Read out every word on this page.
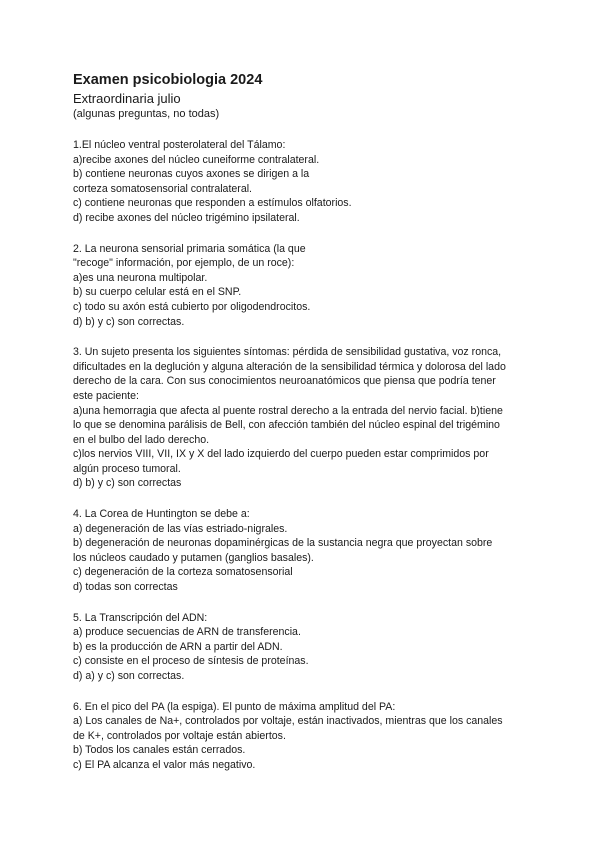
Examen psicobiologia 2024
Extraordinaria julio
(algunas preguntas, no todas)
1.El núcleo ventral posterolateral del Tálamo:
a)recibe axones del núcleo cuneiforme contralateral.
b) contiene neuronas cuyos axones se dirigen a la
corteza somatosensorial contralateral.
c) contiene neuronas que responden a estímulos olfatorios.
d) recibe axones del núcleo trigémino ipsilateral.
2. La neurona sensorial primaria somática (la que
"recoge" información, por ejemplo, de un roce):
a)es una neurona multipolar.
b) su cuerpo celular está en el SNP.
c) todo su axón está cubierto por oligodendrocitos.
d) b) y c) son correctas.
3. Un sujeto presenta los siguientes síntomas: pérdida de sensibilidad gustativa, voz ronca,
dificultades en la deglución y alguna alteración de la sensibilidad térmica y dolorosa del lado
derecho de la cara. Con sus conocimientos neuroanatómicos que piensa que podría tener
este paciente:
a)una hemorragia que afecta al puente rostral derecho a la entrada del nervio facial. b)tiene
lo que se denomina parálisis de Bell, con afección también del núcleo espinal del trigémino
en el bulbo del lado derecho.
c)los nervios VIII, VII, IX y X del lado izquierdo del cuerpo pueden estar comprimidos por
algún proceso tumoral.
d) b) y c) son correctas
4. La Corea de Huntington se debe a:
a) degeneración de las vías estriado-nigrales.
b) degeneración de neuronas dopaminérgicas de la sustancia negra que proyectan sobre
los núcleos caudado y putamen (ganglios basales).
c) degeneración de la corteza somatosensorial
d) todas son correctas
5. La Transcripción del ADN:
a) produce secuencias de ARN de transferencia.
b) es la producción de ARN a partir del ADN.
c) consiste en el proceso de síntesis de proteínas.
d) a) y c) son correctas.
6. En el pico del PA (la espiga). El punto de máxima amplitud del PA:
a) Los canales de Na+, controlados por voltaje, están inactivados, mientras que los canales
de K+, controlados por voltaje están abiertos.
b) Todos los canales están cerrados.
c) El PA alcanza el valor más negativo.
